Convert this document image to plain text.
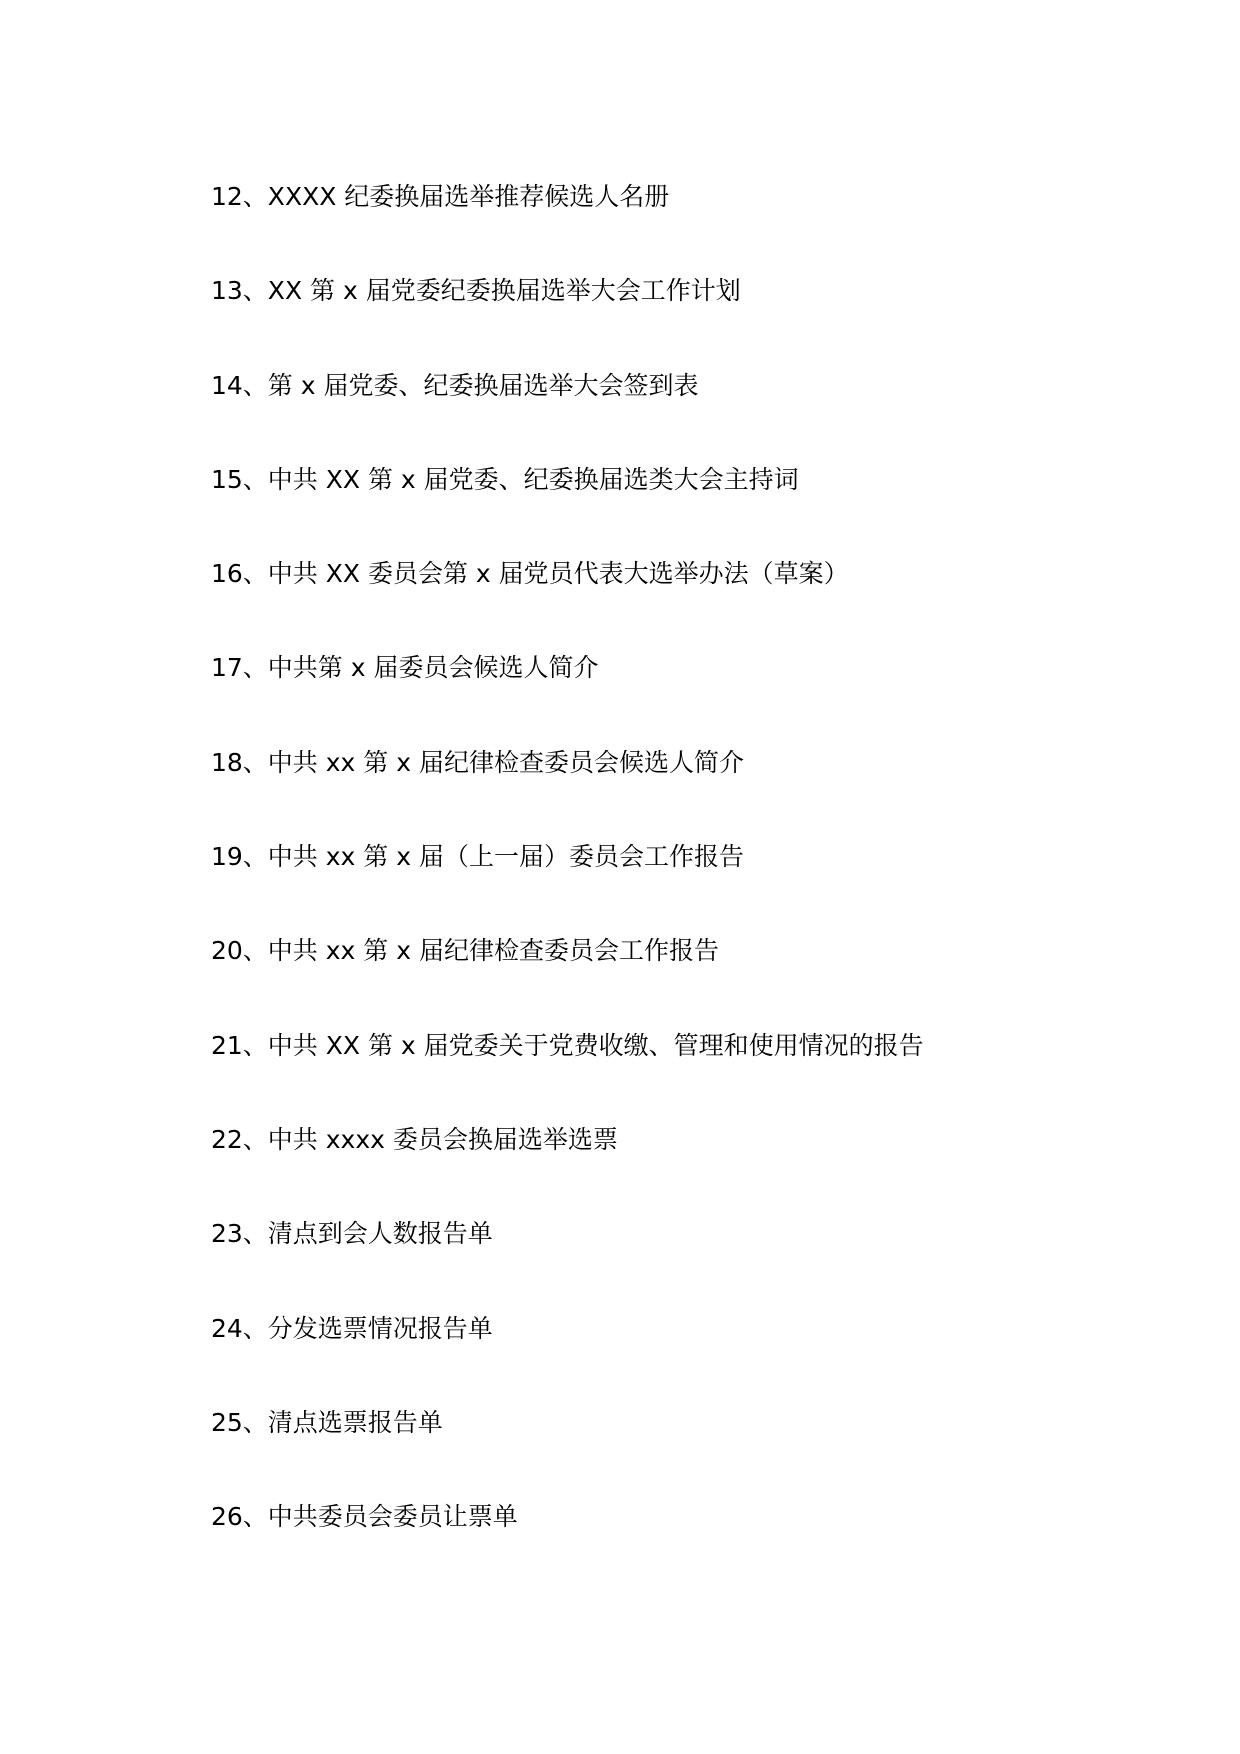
12、XXXX 纪委换届选举推荐候选人名册
13、XX 第 x 届党委纪委换届选举大会工作计划
14、第 x 届党委、纪委换届选举大会签到表
15、中共 XX 第 x 届党委、纪委换届选类大会主持词
16、中共 XX 委员会第 x 届党员代表大选举办法（草案）
17、中共第 x 届委员会候选人简介
18、中共 xx 第 x 届纪律检查委员会候选人简介
19、中共 xx 第 x 届（上一届）委员会工作报告
20、中共 xx 第 x 届纪律检查委员会工作报告
21、中共 XX 第 x 届党委关于党费收缴、管理和使用情况的报告
22、中共 xxxx 委员会换届选举选票
23、清点到会人数报告单
24、分发选票情况报告单
25、清点选票报告单
26、中共委员会委员让票单
